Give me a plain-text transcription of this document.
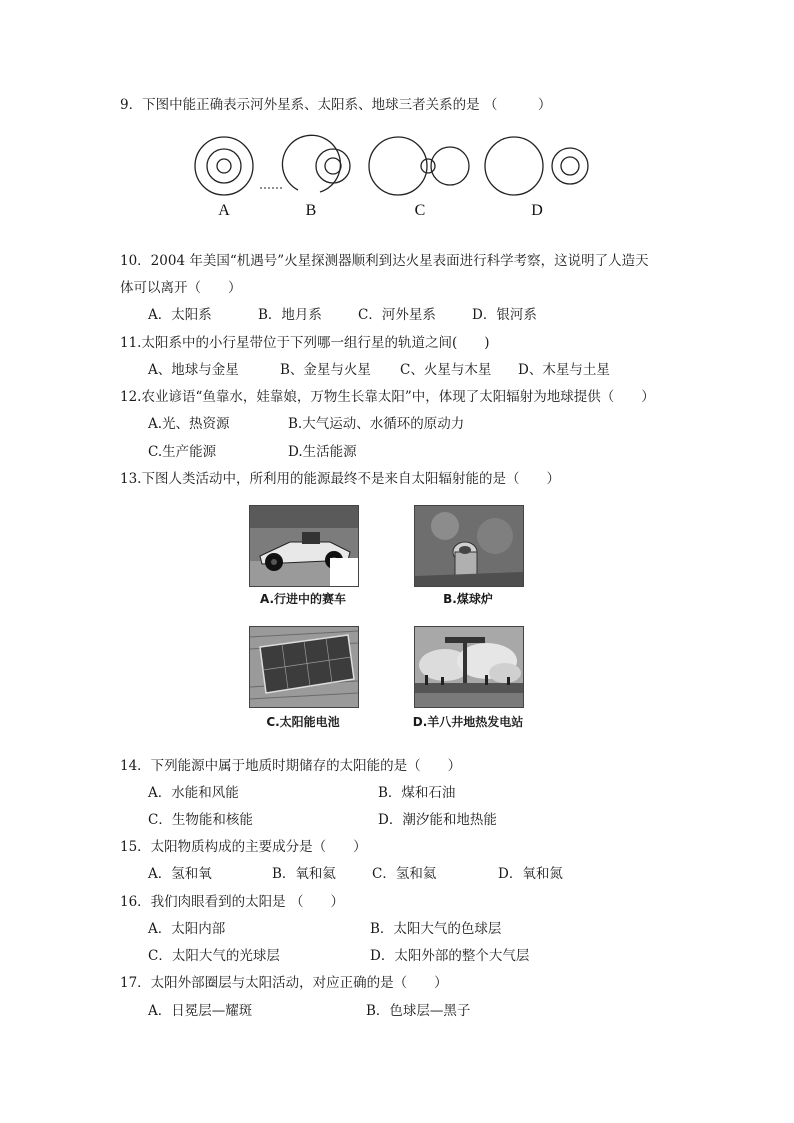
9．下图中能正确表示河外星系、太阳系、地球三者关系的是 （　　　）
A	B	C	D
10．2004 年美国“机遇号”火星探测器顺利到达火星表面进行科学考察，这说明了人造天
体可以离开（　　）
A．太阳系	B．地月系	C．河外星系	D．银河系
11.太阳系中的小行星带位于下列哪一组行星的轨道之间(　　)
A、地球与金星	B、金星与火星 C、火星与木星 D、木星与土星
12.农业谚语“鱼靠水，娃靠娘，万物生长靠太阳”中，体现了太阳辐射为地球提供（　　）
A.光、热资源	B.大气运动、水循环的原动力
C.生产能源	D.生活能源
13.下图人类活动中，所利用的能源最终不是来自太阳辐射能的是（　　）
A.行进中的赛车	B.煤球炉
C.太阳能电池	D.羊八井地热发电站
14．下列能源中属于地质时期储存的太阳能的是（　　）
A．水能和风能	B．煤和石油
C．生物能和核能	D．潮汐能和地热能
15．太阳物质构成的主要成分是（　　）
A．氢和氧	B．氧和氦	C．氢和氦	D．氧和氮
16．我们肉眼看到的太阳是 （　　）
A．太阳内部	B．太阳大气的色球层
C．太阳大气的光球层	D．太阳外部的整个大气层
17．太阳外部圈层与太阳活动，对应正确的是（　　）
A．日冕层—耀斑	B．色球层—黑子
